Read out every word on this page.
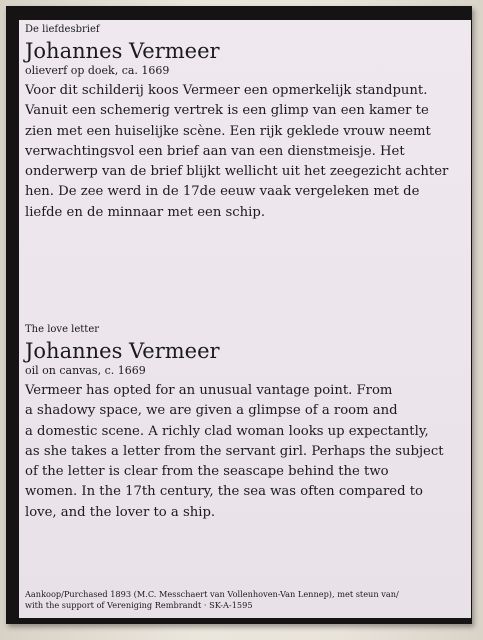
De liefdesbrief

Johannes Vermeer

olieverf op doek, ca. 1669

Voor dit schilderij koos Vermeer een opmerkelijk standpunt.
Vanuit een schemerig vertrek is een glimp van een kamer te
zien met een huiselijke scène. Een rijk geklede vrouw neemt
verwachtingsvol een brief aan van een dienstmeisje. Het
onderwerp van de brief blijkt wellicht uit het zeegezicht achter
hen. De zee werd in de 17de eeuw vaak vergeleken met de
liefde en de minnaar met een schip.

The love letter

Johannes Vermeer

oil on canvas, c. 1669

Vermeer has opted for an unusual vantage point. From
a shadowy space, we are given a glimpse of a room and
a domestic scene. A richly clad woman looks up expectantly,
as she takes a letter from the servant girl. Perhaps the subject
of the letter is clear from the seascape behind the two
women. In the 17th century, the sea was often compared to
love, and the lover to a ship.

Aankoop/Purchased 1893 (M.C. Messchaert van Vollenhoven-Van Lennep), met steun van/
with the support of Vereniging Rembrandt · SK-A-1595
